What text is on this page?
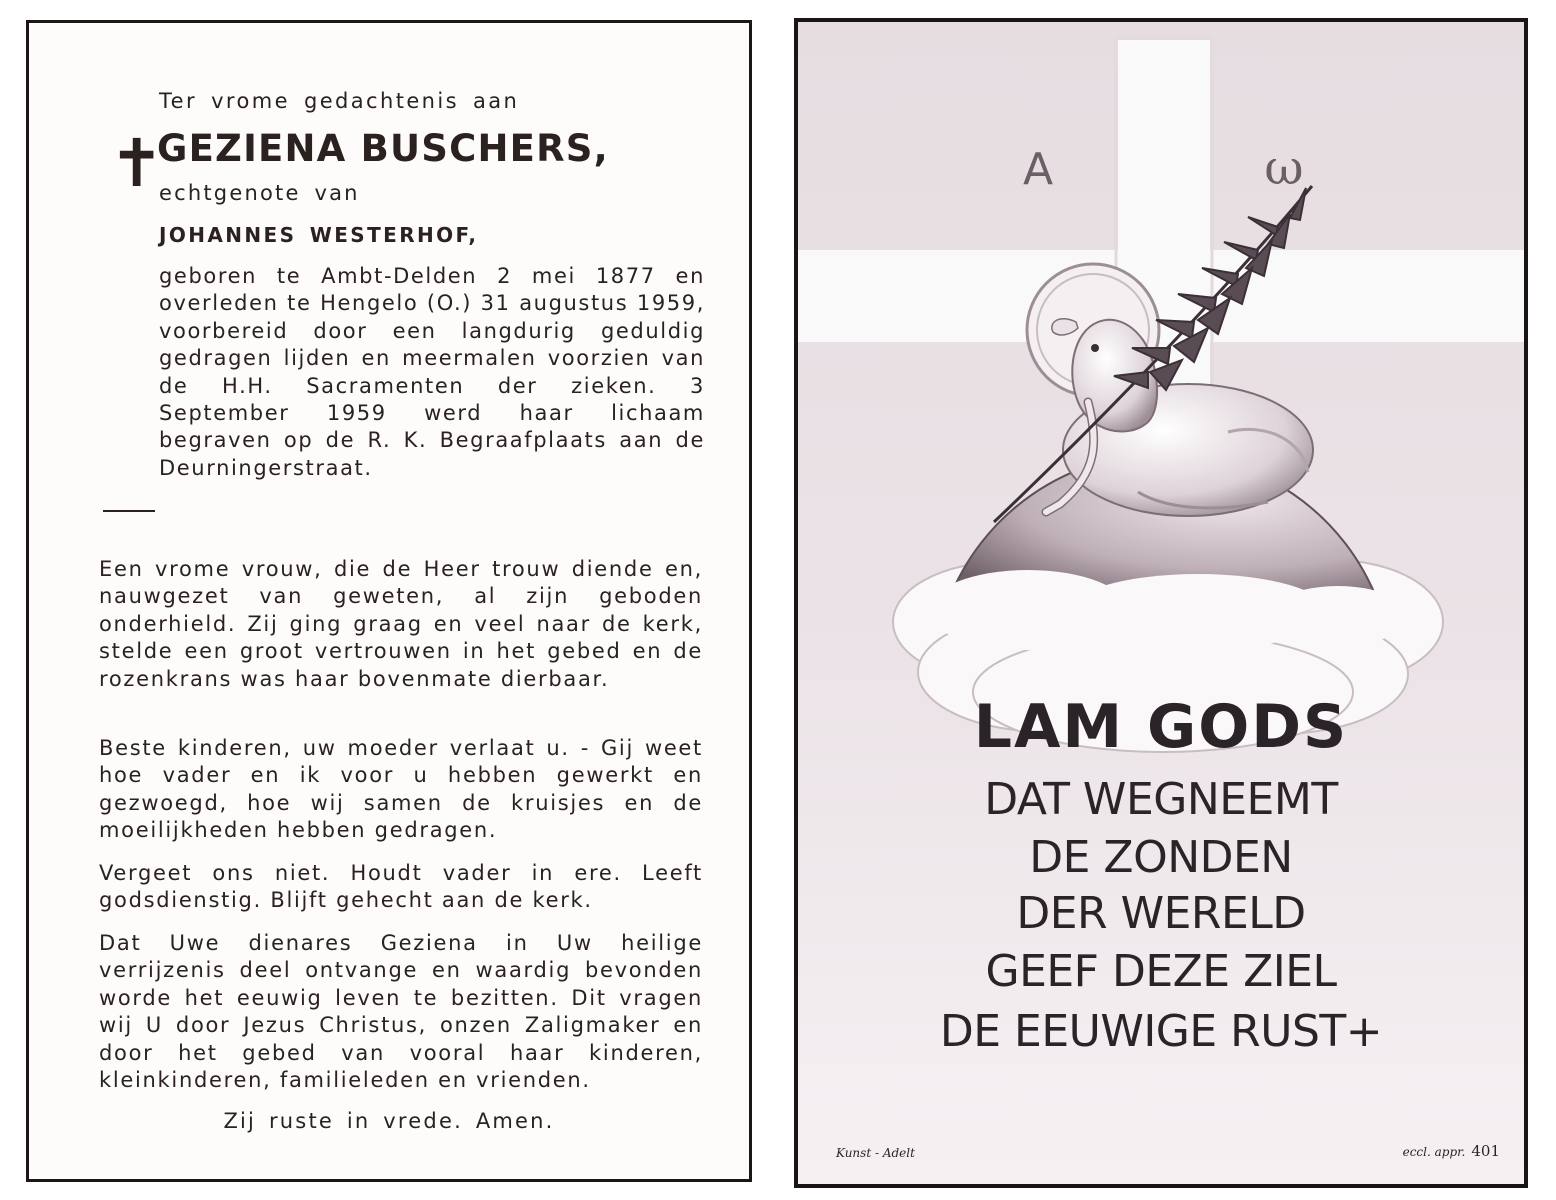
✝
Ter vrome gedachtenis aan
GEZIENA BUSCHERS,
echtgenote van
JOHANNES WESTERHOF,

geboren te Ambt-Delden 2 mei 1877 en overleden te Hengelo (O.) 31 augustus 1959, voorbereid door een langdurig geduldig gedragen lijden en meermalen voorzien van de H.H. Sacramenten der zieken. 3 September 1959 werd haar lichaam begraven op de R. K. Begraafplaats aan de Deurningerstraat.

Een vrome vrouw, die de Heer trouw diende en, nauwgezet van geweten, al zijn geboden onderhield. Zij ging graag en veel naar de kerk, stelde een groot vertrouwen in het gebed en de rozenkrans was haar bovenmate dierbaar.

Beste kinderen, uw moeder verlaat u. - Gij weet hoe vader en ik voor u hebben gewerkt en gezwoegd, hoe wij samen de kruisjes en de moeilijkheden hebben gedragen.

Vergeet ons niet. Houdt vader in ere. Leeft godsdienstig. Blijft gehecht aan de kerk.

Dat Uwe dienares Geziena in Uw heilige verrijzenis deel ontvange en waardig bevonden worde het eeuwig leven te bezitten. Dit vragen wij U door Jezus Christus, onzen Zaligmaker en door het gebed van vooral haar kinderen, kleinkinderen, familieleden en vrienden.

Zij ruste in vrede. Amen.
A	ω
LAM GODS
DAT WEGNEEMT
DE ZONDEN
DER WERELD
GEEF DEZE ZIEL
DE EEUWIGE RUST+
Kunst - Adelt	eccl. appr. 401
